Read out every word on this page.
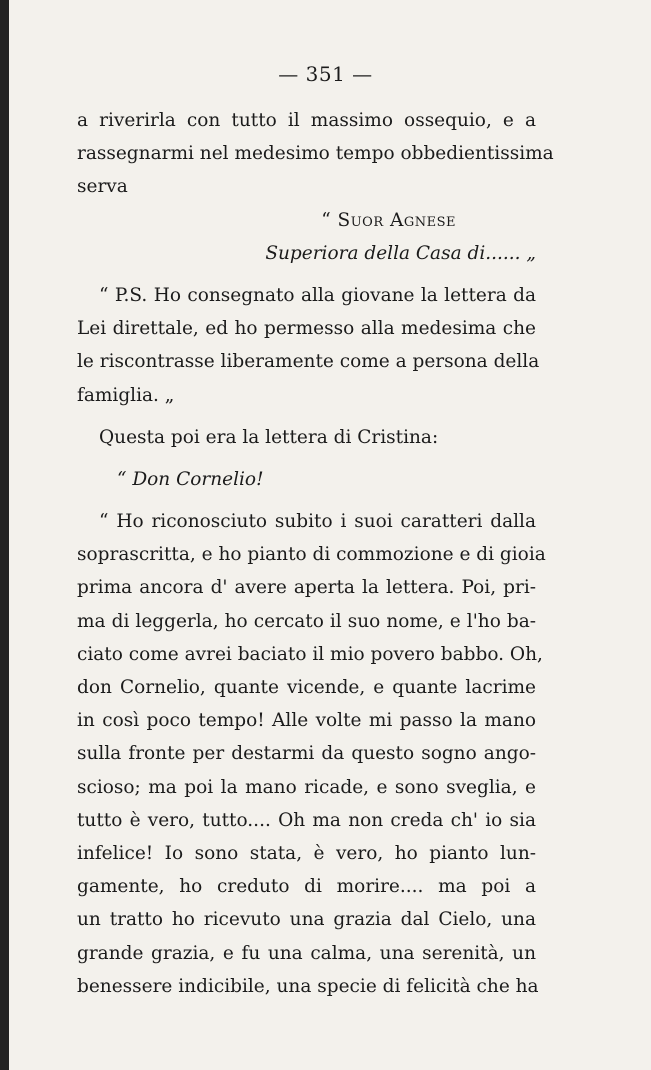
— 351 —
a riverirla con tutto il massimo ossequio, e a
rassegnarmi nel medesimo tempo obbedientissima
serva
“ Suor Agnese
Superiora della Casa di...... „
“ P.S. Ho consegnato alla giovane la lettera da
Lei direttale, ed ho permesso alla medesima che
le riscontrasse liberamente come a persona della
famiglia. „
Questa poi era la lettera di Cristina:
“ Don Cornelio!
“ Ho riconosciuto subito i suoi caratteri dalla
soprascritta, e ho pianto di commozione e di gioia
prima ancora d' avere aperta la lettera. Poi, pri-
ma di leggerla, ho cercato il suo nome, e l'ho ba-
ciato come avrei baciato il mio povero babbo. Oh,
don Cornelio, quante vicende, e quante lacrime
in così poco tempo! Alle volte mi passo la mano
sulla fronte per destarmi da questo sogno ango-
scioso; ma poi la mano ricade, e sono sveglia, e
tutto è vero, tutto.... Oh ma non creda ch' io sia
infelice! Io sono stata, è vero, ho pianto lun-
gamente, ho creduto di morire.... ma poi a
un tratto ho ricevuto una grazia dal Cielo, una
grande grazia, e fu una calma, una serenità, un
benessere indicibile, una specie di felicità che ha
